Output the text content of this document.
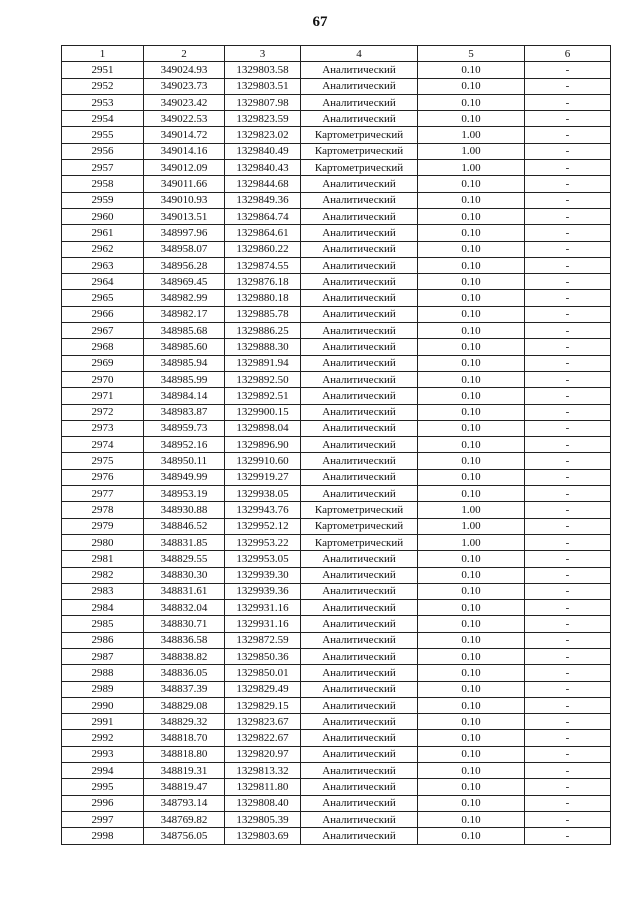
67
1	2	3	4	5	6
2951	349024.93	1329803.58	Аналитический	0.10	-
2952	349023.73	1329803.51	Аналитический	0.10	-
2953	349023.42	1329807.98	Аналитический	0.10	-
2954	349022.53	1329823.59	Аналитический	0.10	-
2955	349014.72	1329823.02	Картометрический	1.00	-
2956	349014.16	1329840.49	Картометрический	1.00	-
2957	349012.09	1329840.43	Картометрический	1.00	-
2958	349011.66	1329844.68	Аналитический	0.10	-
2959	349010.93	1329849.36	Аналитический	0.10	-
2960	349013.51	1329864.74	Аналитический	0.10	-
2961	348997.96	1329864.61	Аналитический	0.10	-
2962	348958.07	1329860.22	Аналитический	0.10	-
2963	348956.28	1329874.55	Аналитический	0.10	-
2964	348969.45	1329876.18	Аналитический	0.10	-
2965	348982.99	1329880.18	Аналитический	0.10	-
2966	348982.17	1329885.78	Аналитический	0.10	-
2967	348985.68	1329886.25	Аналитический	0.10	-
2968	348985.60	1329888.30	Аналитический	0.10	-
2969	348985.94	1329891.94	Аналитический	0.10	-
2970	348985.99	1329892.50	Аналитический	0.10	-
2971	348984.14	1329892.51	Аналитический	0.10	-
2972	348983.87	1329900.15	Аналитический	0.10	-
2973	348959.73	1329898.04	Аналитический	0.10	-
2974	348952.16	1329896.90	Аналитический	0.10	-
2975	348950.11	1329910.60	Аналитический	0.10	-
2976	348949.99	1329919.27	Аналитический	0.10	-
2977	348953.19	1329938.05	Аналитический	0.10	-
2978	348930.88	1329943.76	Картометрический	1.00	-
2979	348846.52	1329952.12	Картометрический	1.00	-
2980	348831.85	1329953.22	Картометрический	1.00	-
2981	348829.55	1329953.05	Аналитический	0.10	-
2982	348830.30	1329939.30	Аналитический	0.10	-
2983	348831.61	1329939.36	Аналитический	0.10	-
2984	348832.04	1329931.16	Аналитический	0.10	-
2985	348830.71	1329931.16	Аналитический	0.10	-
2986	348836.58	1329872.59	Аналитический	0.10	-
2987	348838.82	1329850.36	Аналитический	0.10	-
2988	348836.05	1329850.01	Аналитический	0.10	-
2989	348837.39	1329829.49	Аналитический	0.10	-
2990	348829.08	1329829.15	Аналитический	0.10	-
2991	348829.32	1329823.67	Аналитический	0.10	-
2992	348818.70	1329822.67	Аналитический	0.10	-
2993	348818.80	1329820.97	Аналитический	0.10	-
2994	348819.31	1329813.32	Аналитический	0.10	-
2995	348819.47	1329811.80	Аналитический	0.10	-
2996	348793.14	1329808.40	Аналитический	0.10	-
2997	348769.82	1329805.39	Аналитический	0.10	-
2998	348756.05	1329803.69	Аналитический	0.10	-
